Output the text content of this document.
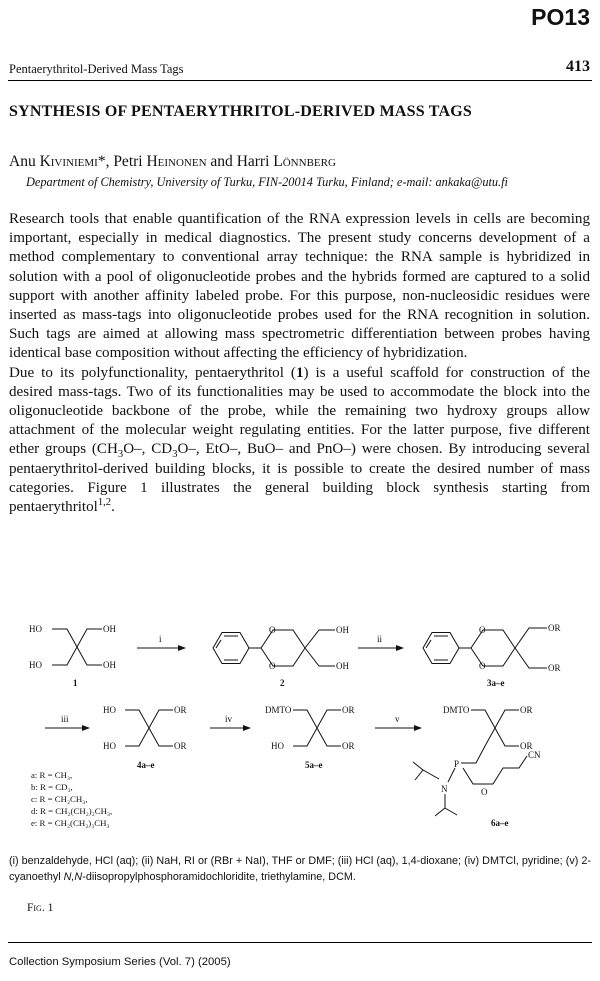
PO13
Pentaerythritol-Derived Mass Tags	413
SYNTHESIS OF PENTAERYTHRITOL-DERIVED MASS TAGS
Anu Kiviniemi*, Petri Heinonen and Harri Lönnberg
Department of Chemistry, University of Turku, FIN-20014 Turku, Finland; e-mail: ankaka@utu.fi

Research tools that enable quantification of the RNA expression levels in cells are becoming important, especially in medical diagnostics. The present study concerns development of a method complementary to conventional array technique: the RNA sample is hybridized in solution with a pool of oligonucleotide probes and the hybrids formed are captured to a solid support with another affinity labeled probe. For this purpose, non-nucleosidic residues were inserted as mass-tags into oligonucleotide probes used for the RNA recognition in solution. Such tags are aimed at allowing mass spectrometric differentiation between probes having identical base composition without affecting the efficiency of hybridization.

Due to its polyfunctionality, pentaerythritol (1) is a useful scaffold for construction of the desired mass-tags. Two of its functionalities may be used to accommodate the block into the oligonucleotide backbone of the probe, while the remaining two hydroxy groups allow attachment of the molecular weight regulating entities. For the latter purpose, five different ether groups ($CH_3O-$, $CD_3O-$, EtO–, BuO– and PnO–) were chosen. By introducing several pentaerythritol-derived building blocks, it is possible to create the desired number of mass categories. Figure 1 illustrates the general building block synthesis starting from pentaerythritol$^{1,2}$.

HO	OH
HO	OH
1
i
OH
OH
O
O
2
ii
OR
OR
O
O
3a–e
iii
HO	OR
HO	OR
4a–e
iv
DMTO	OR
HO	OR
5a–e
v
DMTO	OR
OR
P
N	O
CN
6a–e
a: R = CH₃,
b: R = CD₃,
c: R = CH₂CH₃,
d: R = CH₂(CH₂)₂CH₃,
e: R = CH₂(CH₂)₃CH₃
(i) benzaldehyde, HCl (aq); (ii) NaH, RI or (RBr + NaI), THF or DMF; (iii) HCl (aq), 1,4-dioxane; (iv) DMTCl, pyridine; (v) 2-cyanoethyl N,N-diisopropylphosphoramidochloridite, triethylamine, DCM.
Fig. 1
Collection Symposium Series (Vol. 7) (2005)
